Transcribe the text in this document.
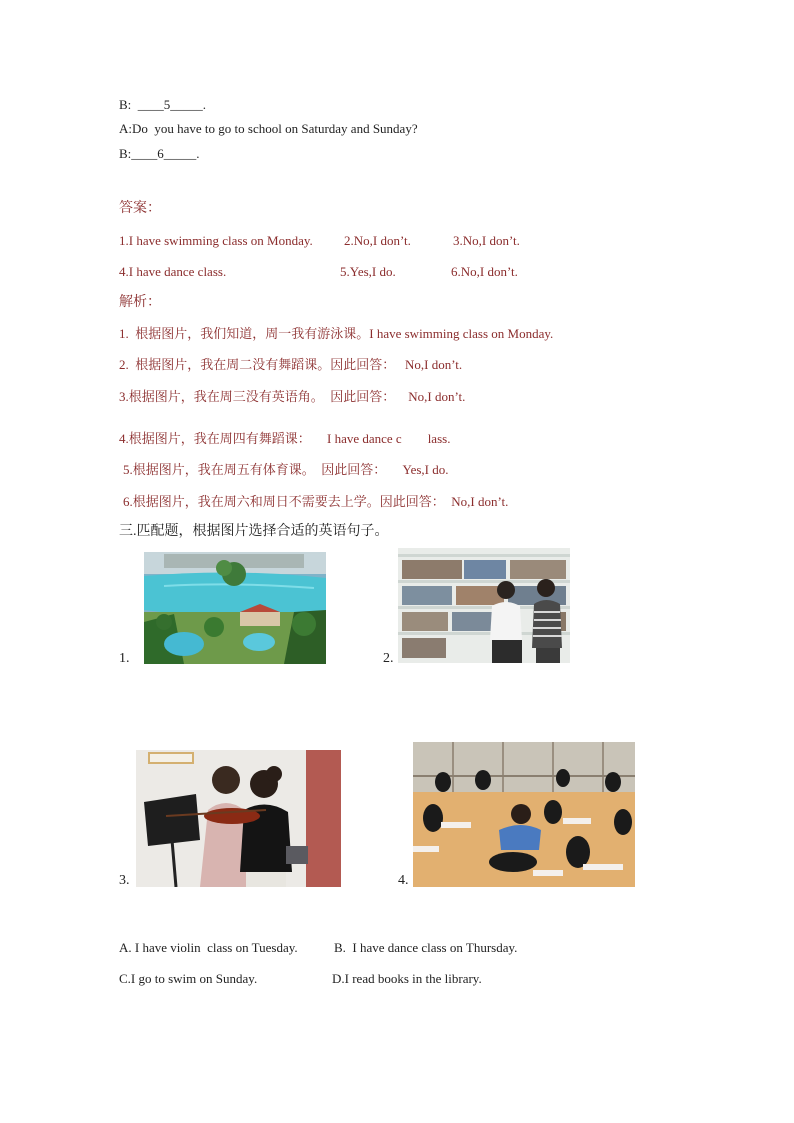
B:  ____5_____.
A:Do  you have to go to school on Saturday and Sunday?
B:____6_____.
答案：
1.I have swimming class on Monday. 2.No,I don’t.	3.No,I don’t.
4.I have dance class.	5.Yes,I do.	6.No,I don’t.
解析：
1.  根据图片，我们知道，周一我有游泳课。I have swimming class on Monday.
2.  根据图片，我在周二没有舞蹈课。因此回答：   No,I don’t.
3.根据图片，我在周三没有英语角。  因此回答：    No,I don’t.
4.根据图片，我在周四有舞蹈课：     I have dance c        lass.
5.根据图片，我在周五有体育课。  因此回答：     Yes,I do.
6.根据图片，我在周六和周日不需要去上学。因此回答：  No,I don’t.
三.匹配题，根据图片选择合适的英语句子。
1.	2.
3.	4.
A. I have violin  class on Tuesday.	B.  I have dance class on Thursday.
C.I go to swim on Sunday.	D.I read books in the library.
